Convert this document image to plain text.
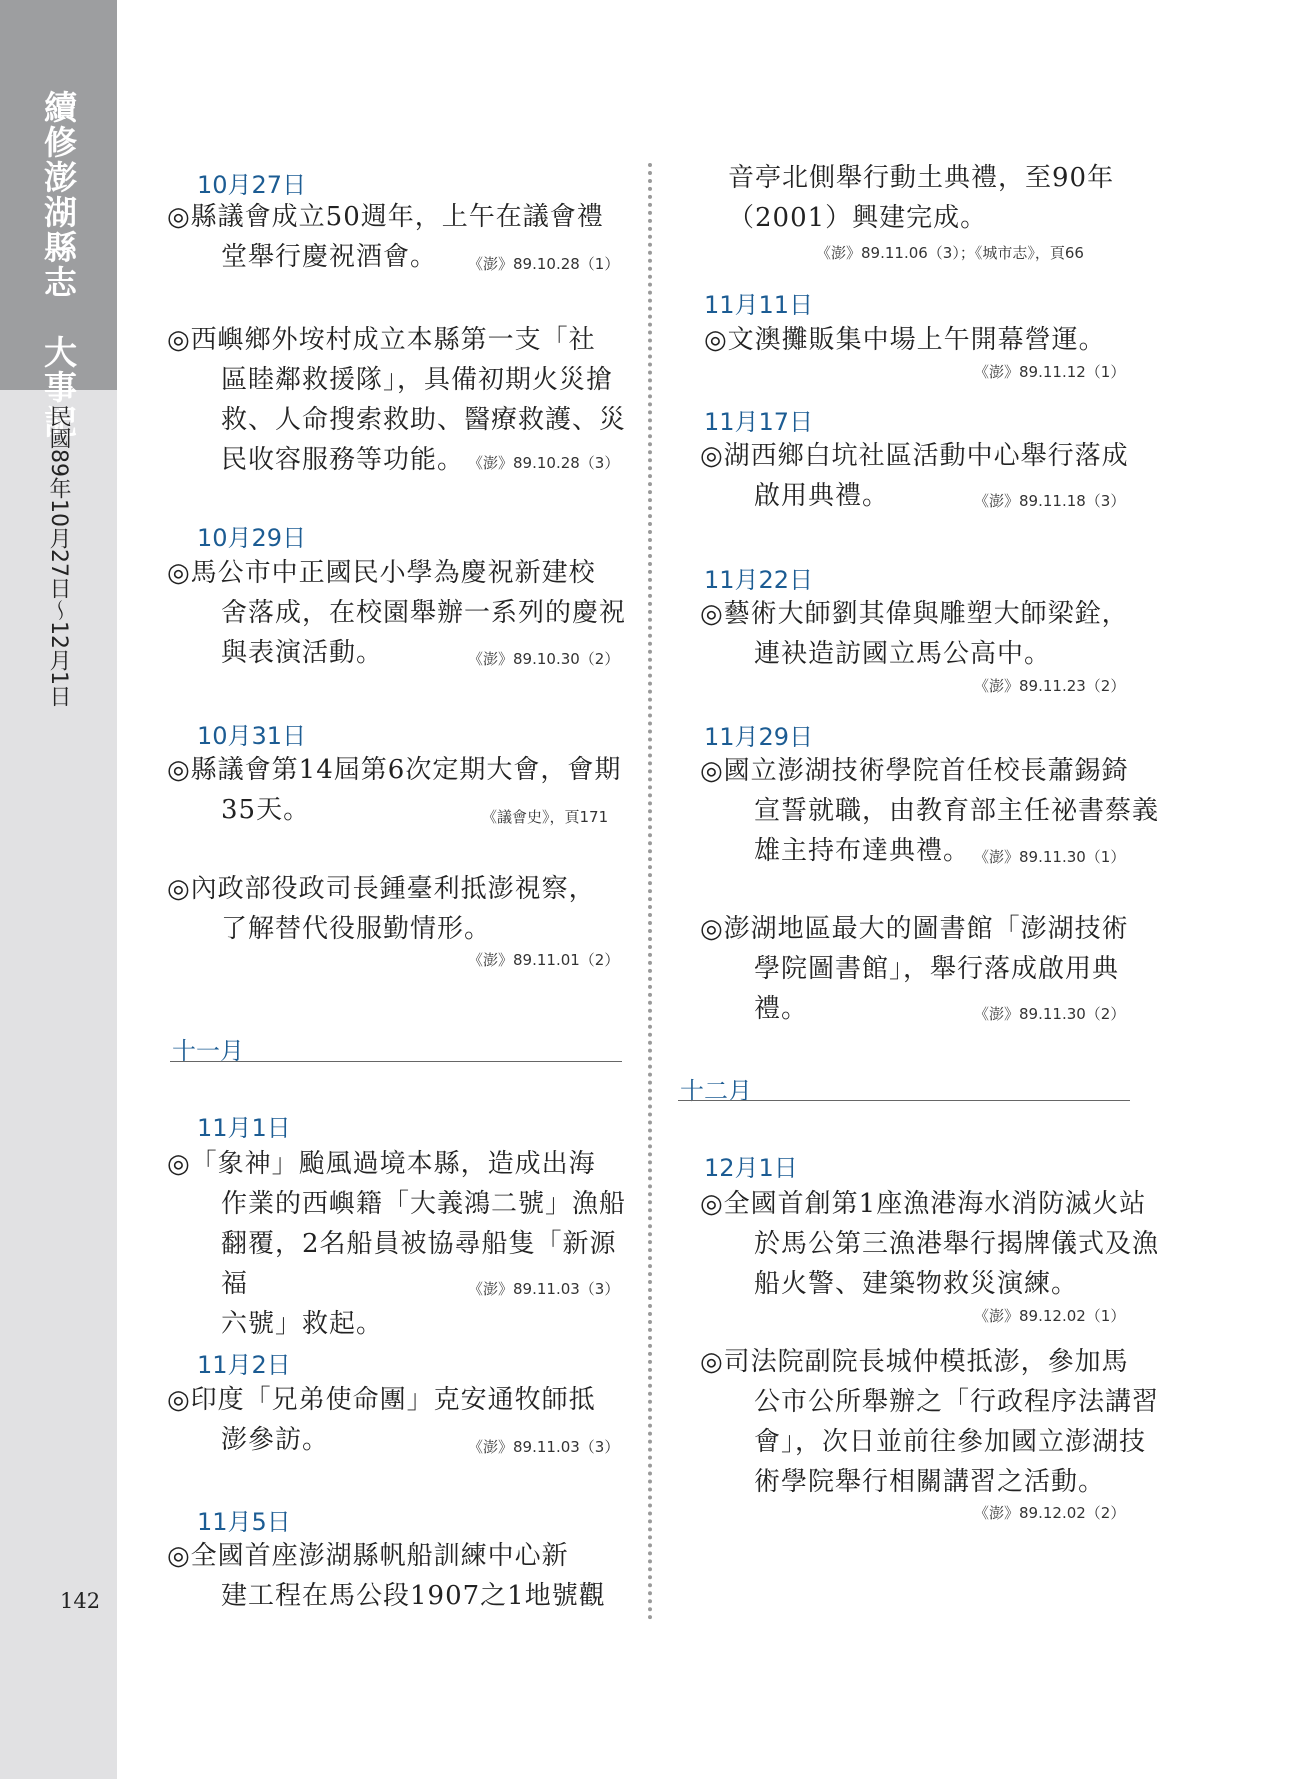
續修澎湖縣志　大事記
民國89年10月27日〜12月1日
142
10月27日
◎縣議會成立50週年，上午在議會禮
堂舉行慶祝酒會。	《澎》89.10.28（1）
◎西嶼鄉外垵村成立本縣第一支「社
區睦鄰救援隊」，具備初期火災搶
救、人命搜索救助、醫療救護、災
民收容服務等功能。 《澎》89.10.28（3）
10月29日
◎馬公市中正國民小學為慶祝新建校
舍落成，在校園舉辦一系列的慶祝
與表演活動。	《澎》89.10.30（2）
10月31日
◎縣議會第14屆第6次定期大會，會期
35天。	《議會史》，頁171
◎內政部役政司長鍾臺利抵澎視察，
了解替代役服勤情形。
《澎》89.11.01（2）
十一月
11月1日
◎「象神」颱風過境本縣，造成出海
作業的西嶼籍「大義鴻二號」漁船
翻覆，2名船員被協尋船隻「新源福
六號」救起。
《澎》89.11.03（3）
11月2日
◎印度「兄弟使命團」克安通牧師抵
澎參訪。	《澎》89.11.03（3）
11月5日
◎全國首座澎湖縣帆船訓練中心新
建工程在馬公段1907之1地號觀
音亭北側舉行動土典禮，至90年
（2001）興建完成。
《澎》89.11.06（3）；《城市志》，頁66
11月11日
◎文澳攤販集中場上午開幕營運。
《澎》89.11.12（1）
11月17日
◎湖西鄉白坑社區活動中心舉行落成
啟用典禮。	《澎》89.11.18（3）
11月22日
◎藝術大師劉其偉與雕塑大師梁銓，
連袂造訪國立馬公高中。
《澎》89.11.23（2）
11月29日
◎國立澎湖技術學院首任校長蕭錫錡
宣誓就職，由教育部主任祕書蔡義
雄主持布達典禮。 《澎》89.11.30（1）
◎澎湖地區最大的圖書館「澎湖技術
學院圖書館」，舉行落成啟用典
禮。	《澎》89.11.30（2）
十二月
12月1日
◎全國首創第1座漁港海水消防滅火站
於馬公第三漁港舉行揭牌儀式及漁
船火警、建築物救災演練。
《澎》89.12.02（1）
◎司法院副院長城仲模抵澎，參加馬
公市公所舉辦之「行政程序法講習
會」，次日並前往參加國立澎湖技
術學院舉行相關講習之活動。
《澎》89.12.02（2）
